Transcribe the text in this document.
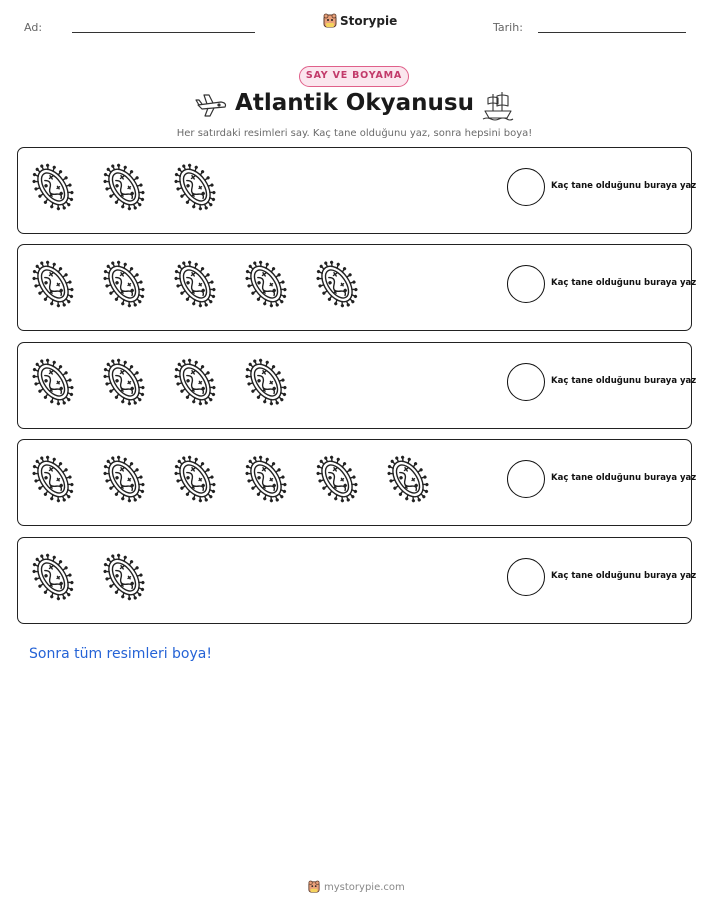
Ad:	Storypie	Tarih:
SAY VE BOYAMA
Atlantik Okyanusu
Her satırdaki resimleri say. Kaç tane olduğunu yaz, sonra hepsini boya!
Kaç tane olduğunu buraya yaz
Kaç tane olduğunu buraya yaz
Kaç tane olduğunu buraya yaz
Kaç tane olduğunu buraya yaz
Kaç tane olduğunu buraya yaz
Sonra tüm resimleri boya!
mystorypie.com
